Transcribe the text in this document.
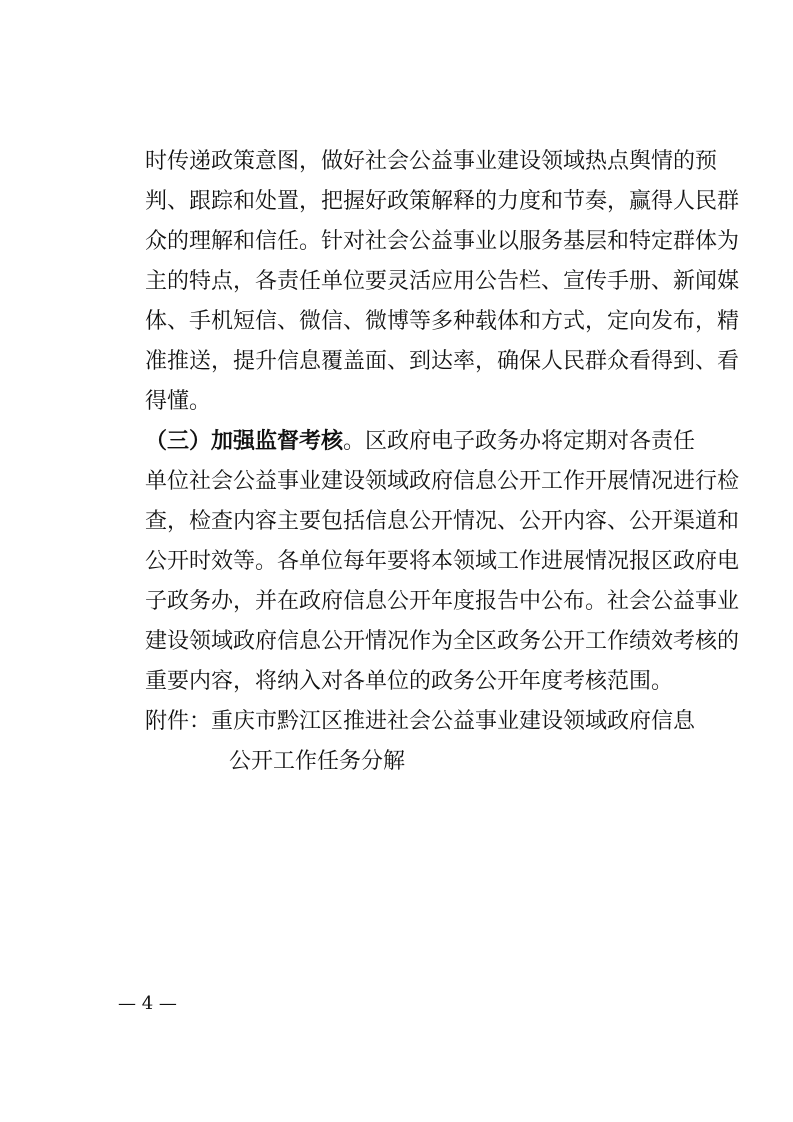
时传递政策意图，做好社会公益事业建设领域热点舆情的预
判、跟踪和处置，把握好政策解释的力度和节奏，赢得人民群
众的理解和信任。针对社会公益事业以服务基层和特定群体为
主的特点，各责任单位要灵活应用公告栏、宣传手册、新闻媒
体、手机短信、微信、微博等多种载体和方式，定向发布，精
准推送，提升信息覆盖面、到达率，确保人民群众看得到、看
得懂。
（三）加强监督考核。区政府电子政务办将定期对各责任
单位社会公益事业建设领域政府信息公开工作开展情况进行检
查，检查内容主要包括信息公开情况、公开内容、公开渠道和
公开时效等。各单位每年要将本领域工作进展情况报区政府电
子政务办，并在政府信息公开年度报告中公布。社会公益事业
建设领域政府信息公开情况作为全区政务公开工作绩效考核的
重要内容，将纳入对各单位的政务公开年度考核范围。
附件：重庆市黔江区推进社会公益事业建设领域政府信息
公开工作任务分解
— 4 —
